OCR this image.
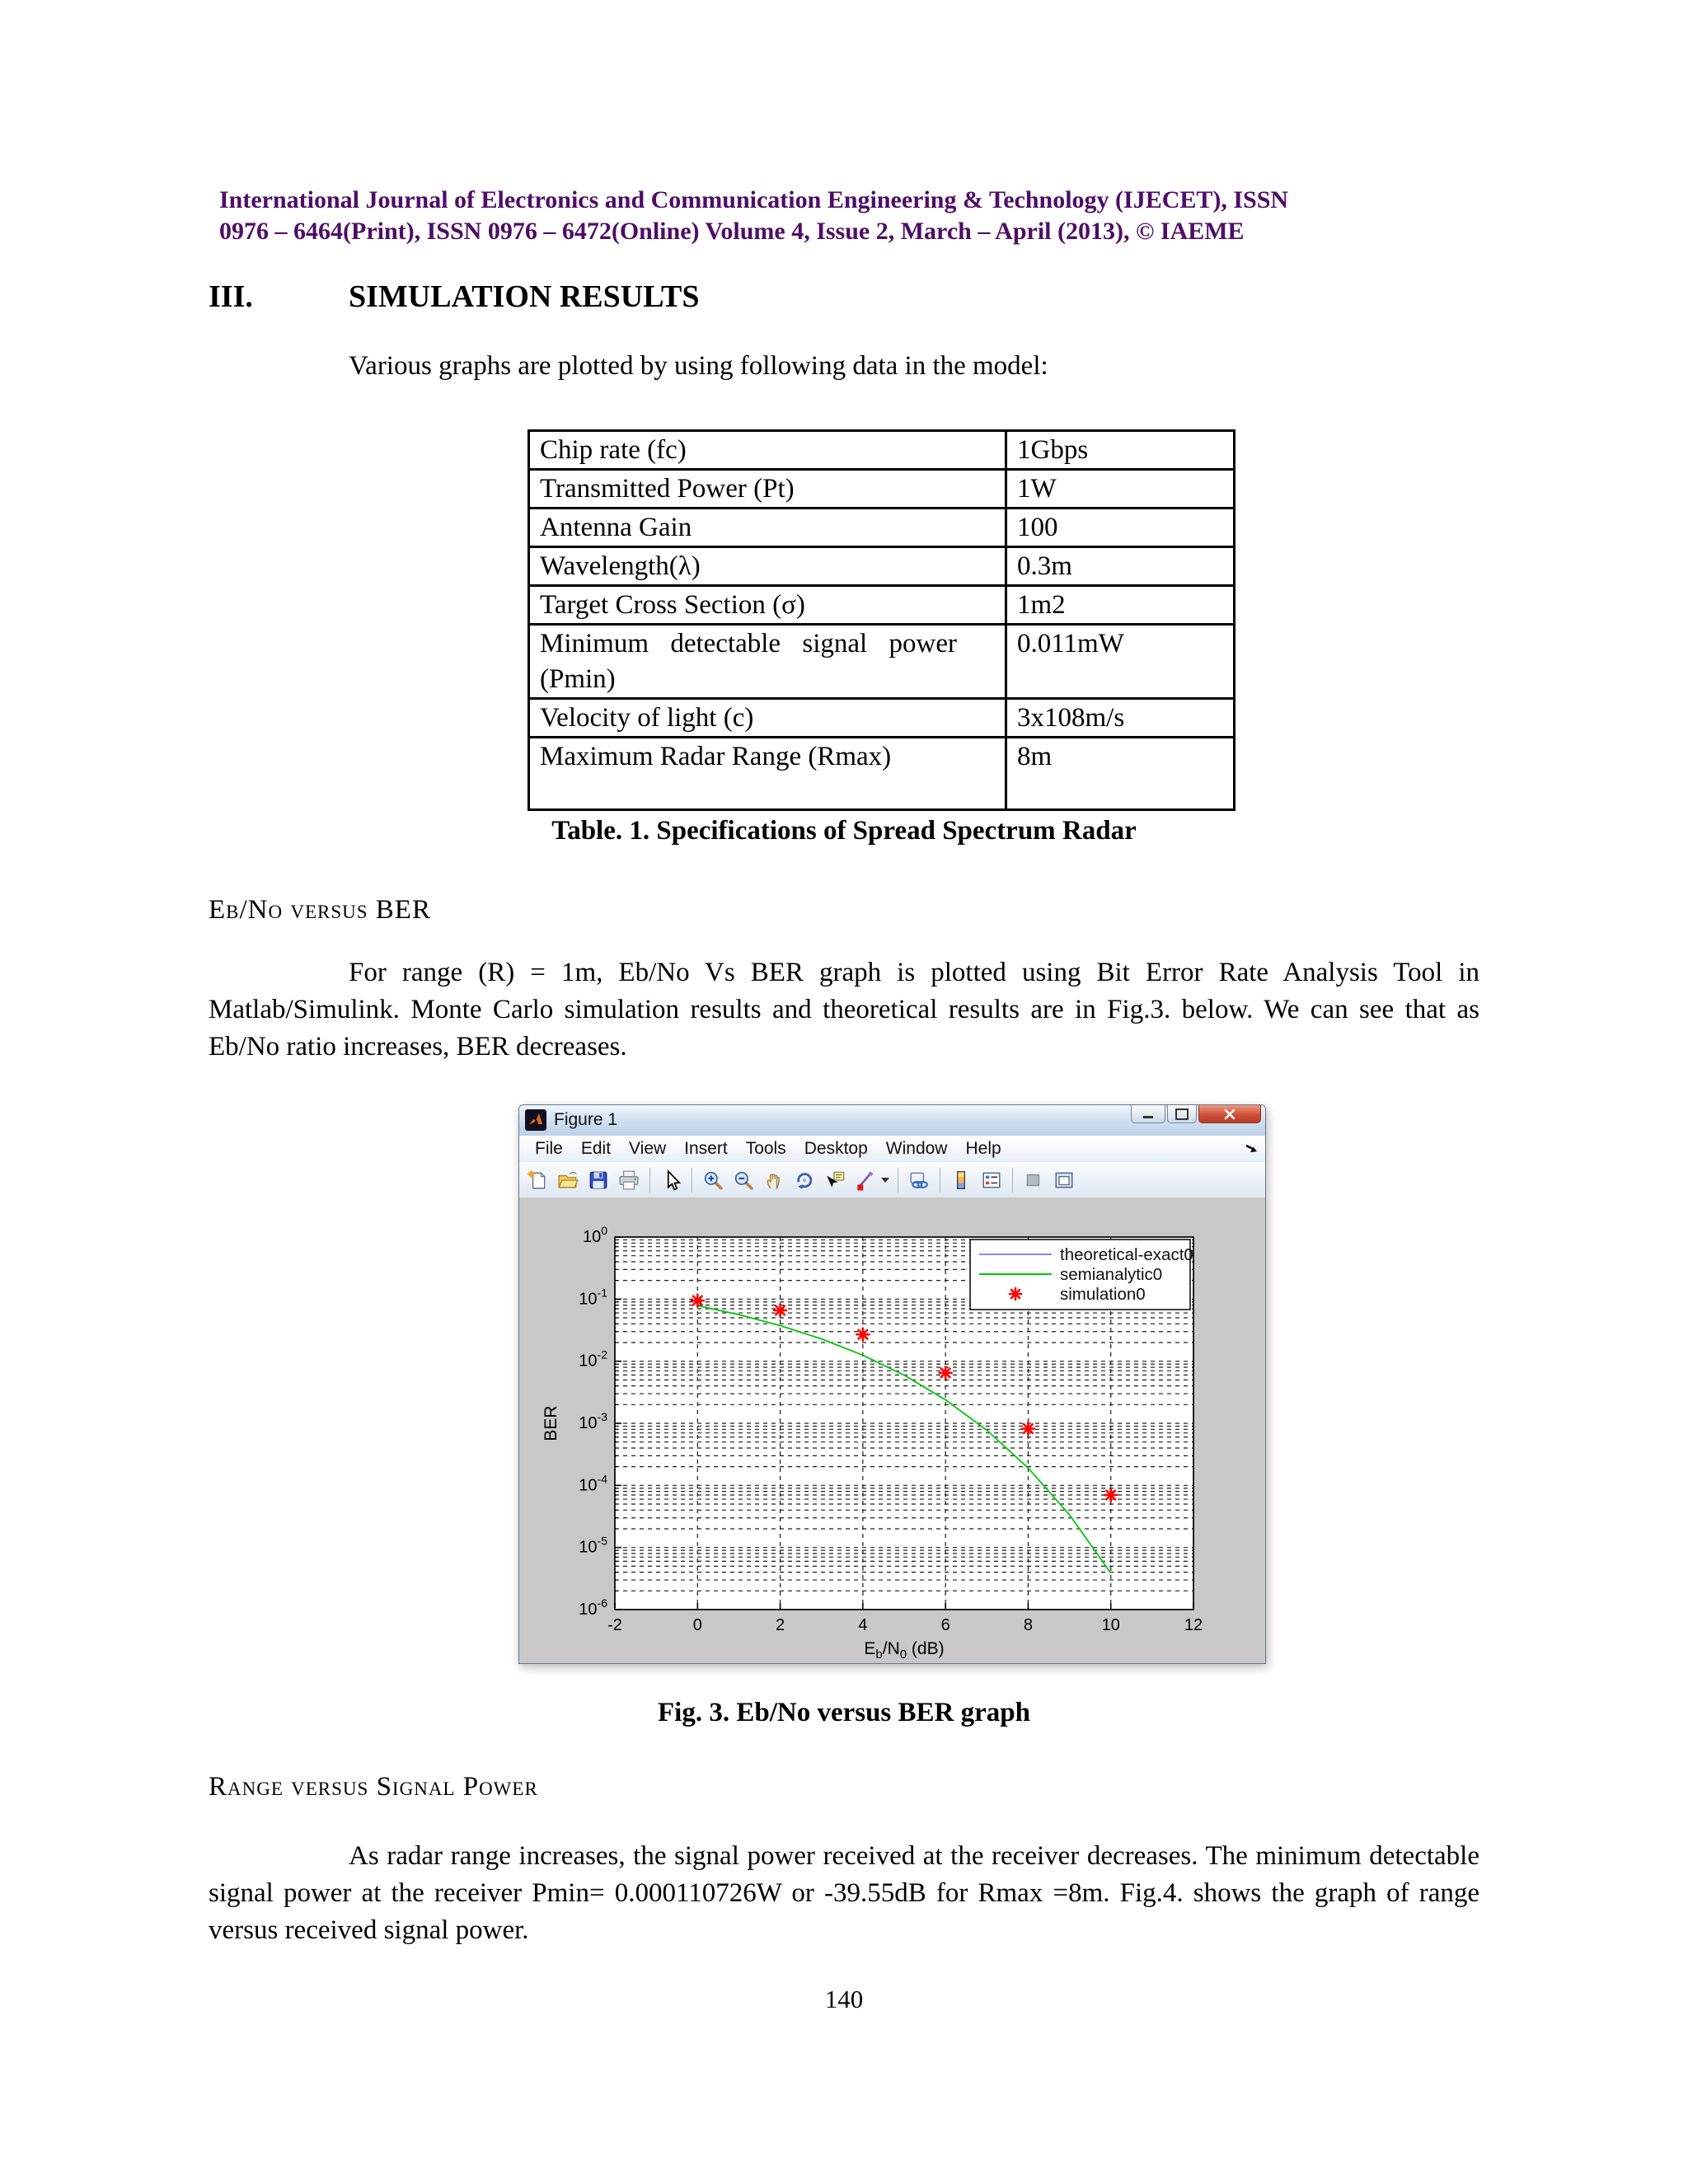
International Journal of Electronics and Communication Engineering & Technology (IJECET), ISSN
0976 – 6464(Print), ISSN 0976 – 6472(Online) Volume 4, Issue 2, March – April (2013), © IAEME
III.	SIMULATION RESULTS
Various graphs are plotted by using following data in the model:
Chip rate (fc)	1Gbps
Transmitted Power (Pt)	1W
Antenna Gain	100
Wavelength(λ)	0.3m
Target Cross Section (σ)	1m2
Minimum detectable signal power (Pmin)	0.011mW
Velocity of light (c)	3x108m/s
Maximum Radar Range (Rmax)	8m
Table. 1. Specifications of Spread Spectrum Radar
Eb/No versus BER
For range (R) = 1m, Eb/No Vs BER graph is plotted using Bit Error Rate Analysis Tool in Matlab/Simulink. Monte Carlo simulation results and theoretical results are in Fig.3. below. We can see that as Eb/No ratio increases, BER decreases.
Figure 1
File	Edit	View	Insert	Tools	Desktop	Window	Help
-2	0	2	4	6	8	10	12
$10^0$
$10^{-1}$
$10^{-2}$
$10^{-3}$
$10^{-4}$
$10^{-5}$
$10^{-6}$
BER
$E_b/N_0$ (dB)
theoretical-exact0
semianalytic0
simulation0
Fig. 3. Eb/No versus BER graph
Range versus Signal Power
As radar range increases, the signal power received at the receiver decreases. The minimum detectable signal power at the receiver Pmin= 0.000110726W or -39.55dB for Rmax =8m. Fig.4. shows the graph of range versus received signal power.
140
